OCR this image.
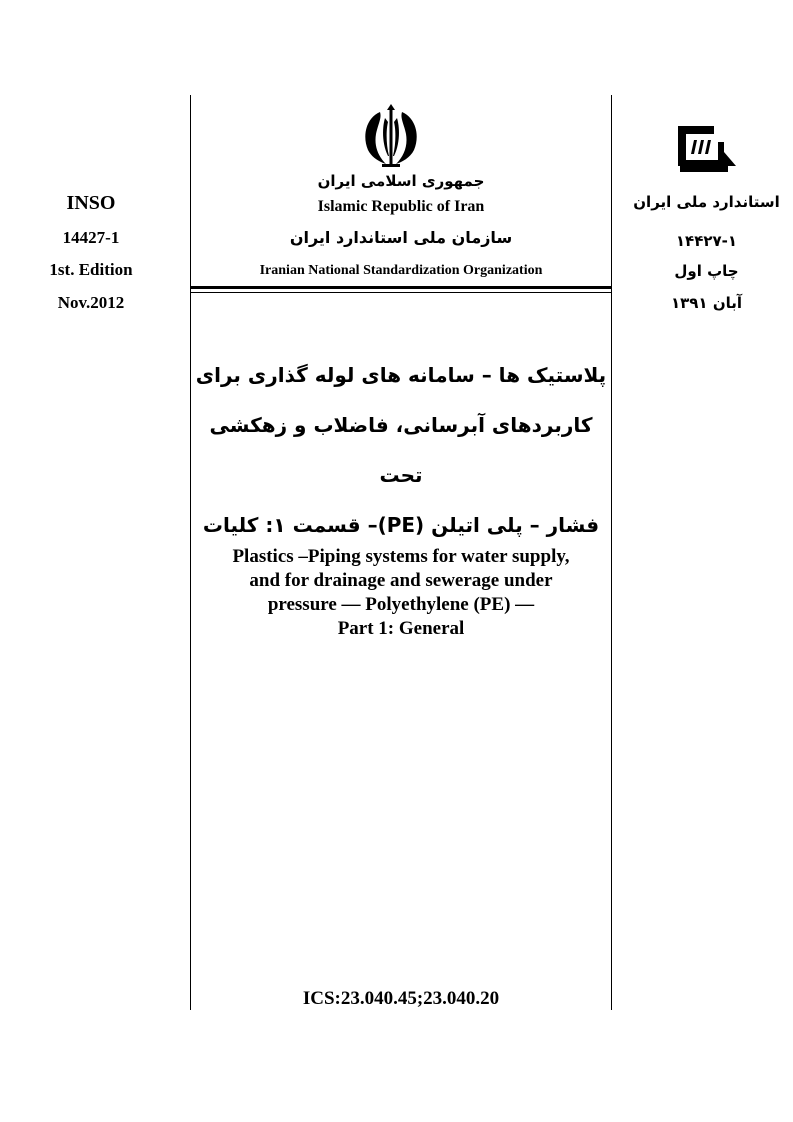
INSO
14427-1
1st. Edition
Nov.2012
استاندارد ملی ایران
۱۴۴۲۷-۱
چاپ اول
آبان ۱۳۹۱
جمهوری اسلامی ایران
Islamic Republic of Iran
سازمان ملی استاندارد ایران
Iranian National Standardization Organization
پلاستیک ها – سامانه های لوله گذاری برای
کاربردهای آبرسانی، فاضلاب و زهکشی تحت
فشار – پلی اتیلن (PE)– قسمت ۱: کلیات
Plastics –Piping systems for water supply,
and for drainage and sewerage under
pressure — Polyethylene (PE) —
Part 1: General
ICS:23.040.45;23.040.20
